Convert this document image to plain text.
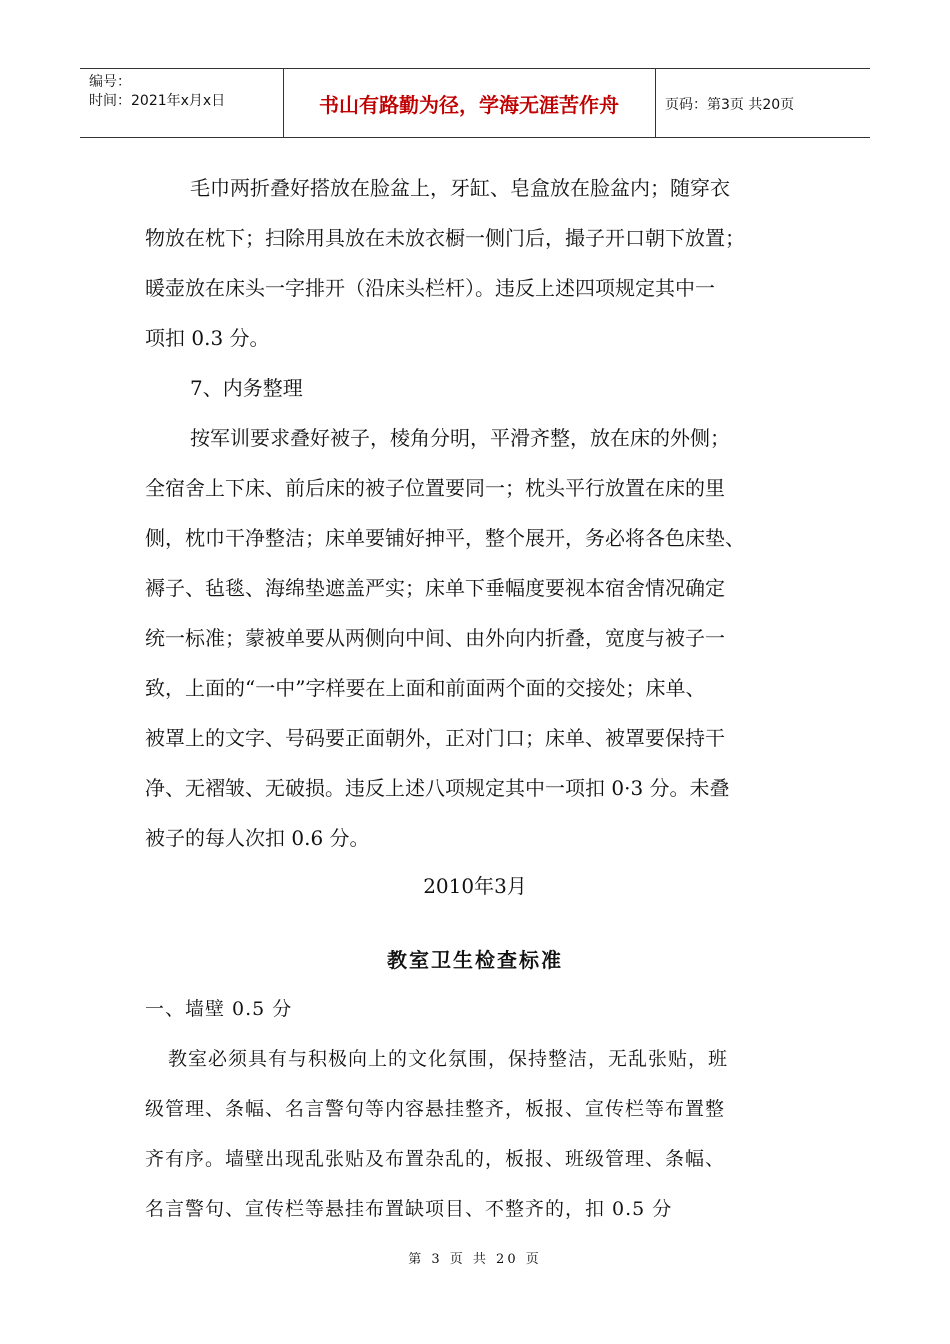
编号：
时间：2021年x月x日	书山有路勤为径，学海无涯苦作舟	页码：第3页 共20页
毛巾两折叠好搭放在脸盆上，牙缸、皂盒放在脸盆内；随穿衣
物放在枕下；扫除用具放在未放衣橱一侧门后，撮子开口朝下放置；
暖壶放在床头一字排开（沿床头栏杆）。违反上述四项规定其中一
项扣 0.3 分。
7、内务整理
按军训要求叠好被子，棱角分明，平滑齐整，放在床的外侧；
全宿舍上下床、前后床的被子位置要同一；枕头平行放置在床的里
侧，枕巾干净整洁；床单要铺好抻平，整个展开，务必将各色床垫、
褥子、毡毯、海绵垫遮盖严实；床单下垂幅度要视本宿舍情况确定
统一标准；蒙被单要从两侧向中间、由外向内折叠，宽度与被子一
致，上面的“一中”字样要在上面和前面两个面的交接处；床单、
被罩上的文字、号码要正面朝外，正对门口；床单、被罩要保持干
净、无褶皱、无破损。违反上述八项规定其中一项扣 0·3 分。未叠
被子的每人次扣 0.6 分。
2010年3月
教室卫生检查标准
一、墙壁 0.5 分
教室必须具有与积极向上的文化氛围，保持整洁，无乱张贴，班
级管理、条幅、名言警句等内容悬挂整齐，板报、宣传栏等布置整
齐有序。墙壁出现乱张贴及布置杂乱的，板报、班级管理、条幅、
名言警句、宣传栏等悬挂布置缺项目、不整齐的，扣 0.5 分
第 3 页 共 20 页
